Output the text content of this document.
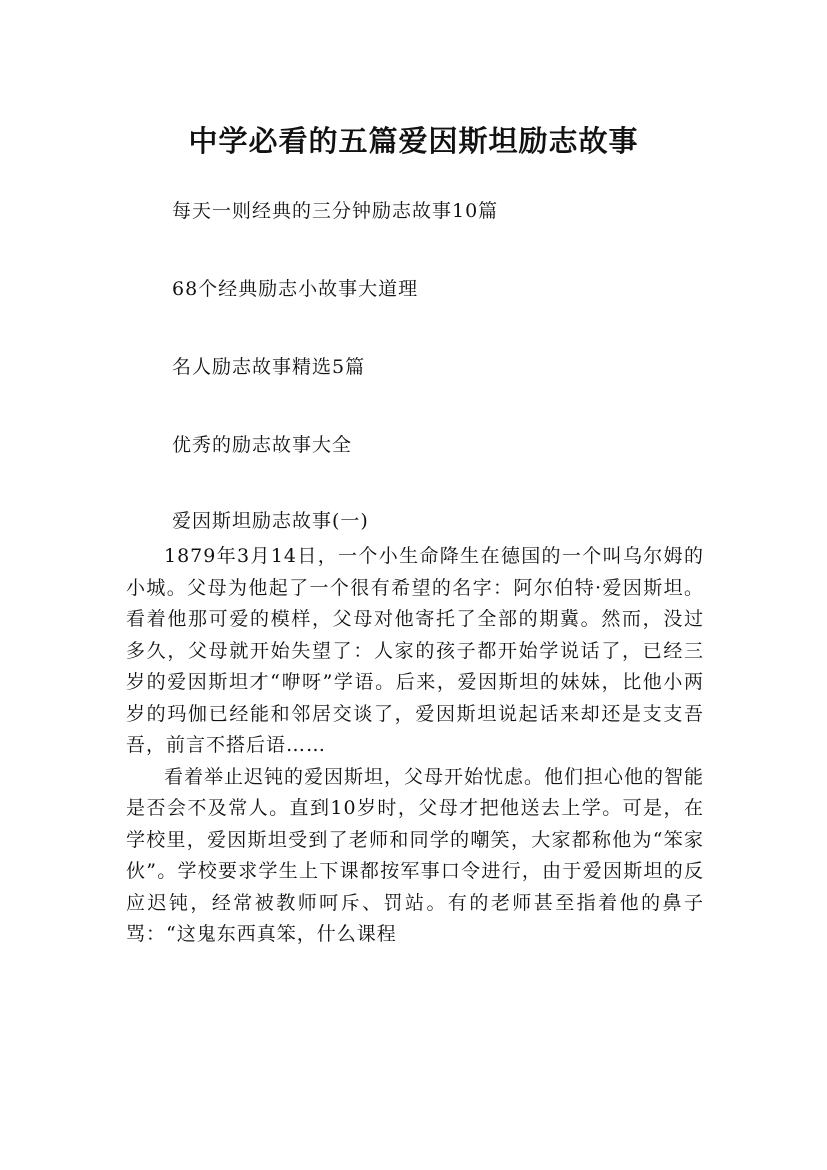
中学必看的五篇爱因斯坦励志故事
每天一则经典的三分钟励志故事10篇
68个经典励志小故事大道理
名人励志故事精选5篇
优秀的励志故事大全
爱因斯坦励志故事(一)

1879年3月14日，一个小生命降生在德国的一个叫乌尔姆的小城。父母为他起了一个很有希望的名字：阿尔伯特·爱因斯坦。看着他那可爱的模样，父母对他寄托了全部的期冀。然而，没过多久，父母就开始失望了：人家的孩子都开始学说话了，已经三岁的爱因斯坦才“咿呀”学语。后来，爱因斯坦的妹妹，比他小两岁的玛伽已经能和邻居交谈了，爱因斯坦说起话来却还是支支吾吾，前言不搭后语……

看着举止迟钝的爱因斯坦，父母开始忧虑。他们担心他的智能是否会不及常人。直到10岁时，父母才把他送去上学。可是，在学校里，爱因斯坦受到了老师和同学的嘲笑，大家都称他为“笨家伙”。学校要求学生上下课都按军事口令进行，由于爱因斯坦的反应迟钝，经常被教师呵斥、罚站。有的老师甚至指着他的鼻子骂：“这鬼东西真笨，什么课程
